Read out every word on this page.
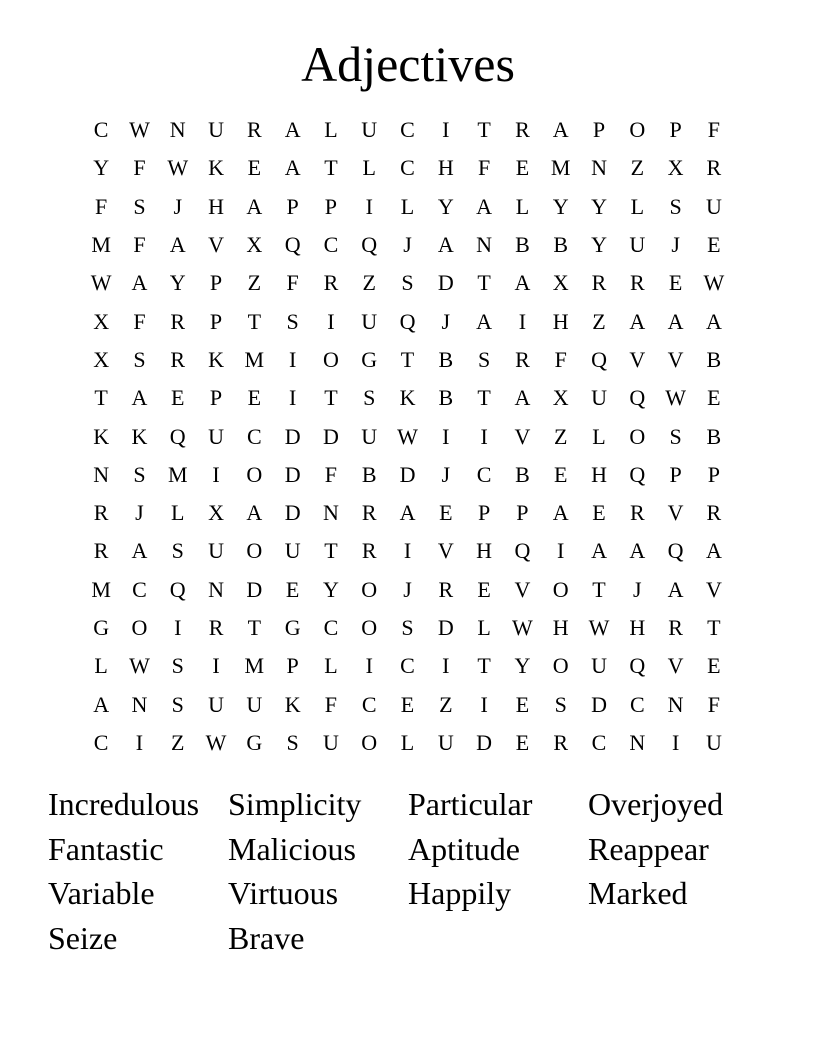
Adjectives
C W N	U	R	A	L	U	C	I	T	R	A	P	O	P	F
Y	F W K	E	A	T	L	C	H	F	E M N	Z	X	R
F	S	J	H	A	P	P	I	L	Y	A	L	Y	Y	L	S	U
M	F	A	V	X	Q	C	Q	J	A	N	B	B	Y	U	J	E
W A	Y	P	Z	F	R	Z	S	D	T	A	X	R	R	E W
X	F	R	P	T	S	I	U	Q	J	A	I	H	Z	A	A	A
X	S	R	K M	I	O	G	T	B	S	R	F	Q	V	V	B
T	A	E	P	E	I	T	S	K	B	T	A	X	U	Q W E
K	K	Q	U	C	D	D	U W	I	I	V	Z	L	O	S	B
N	S	M	I	O	D	F	B	D	J	C	B	E	H	Q	P	P
R	J	L	X	A	D	N	R	A	E	P	P	A	E	R	V	R
R	A	S	U	O	U	T	R	I	V	H	Q	I	A	A	Q	A
M C	Q	N	D	E	Y	O	J	R	E	V	O	T	J	A	V
G	O	I	R	T	G	C	O	S	D	L W H W H	R	T
L W S	I	M	P	L	I	C	I	T	Y	O	U	Q	V	E
A	N	S	U	U	K	F	C	E	Z	I	E	S	D	C	N	F
C	I	Z W G	S	U	O	L	U	D	E	R	C	N	I	U
Incredulous Simplicity	Particular	Overjoyed
Fantastic	Malicious	Aptitude	Reappear
Variable	Virtuous	Happily	Marked
Seize	Brave
